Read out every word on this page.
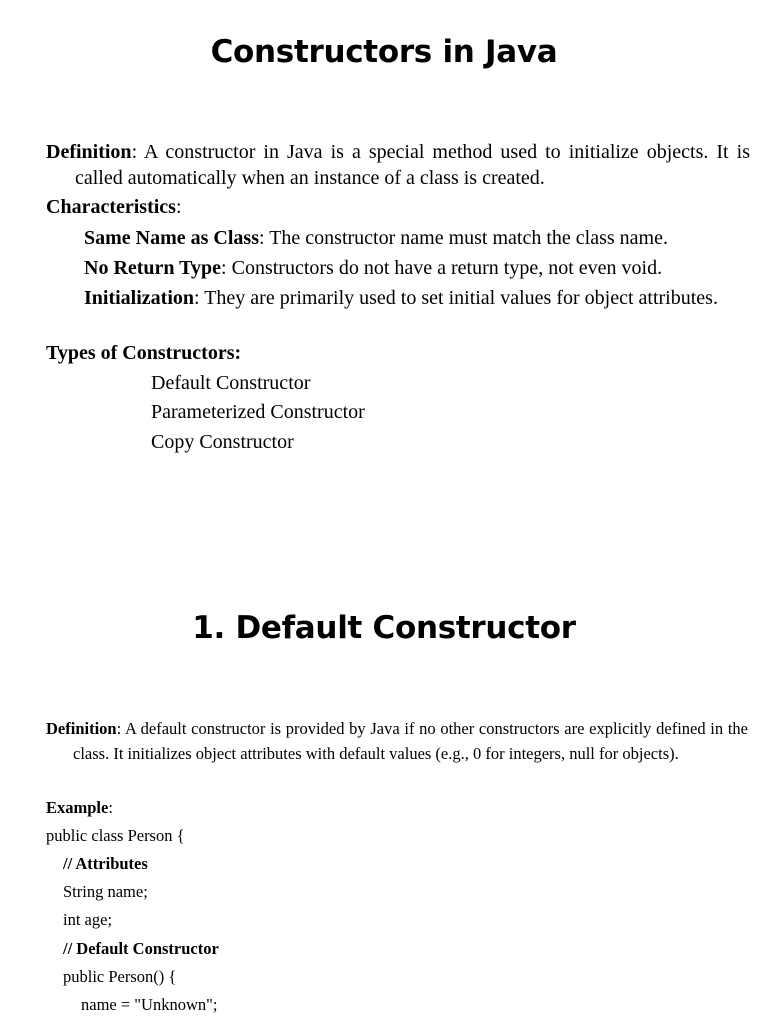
Constructors in Java

Definition: A constructor in Java is a special method used to initialize objects. It is called automatically when an instance of a class is created.

Characteristics:

Same Name as Class: The constructor name must match the class name.

No Return Type: Constructors do not have a return type, not even void.

Initialization: They are primarily used to set initial values for object attributes.

Types of Constructors:

Default Constructor

Parameterized Constructor

Copy Constructor

1. Default Constructor

Definition: A default constructor is provided by Java if no other constructors are explicitly defined in the class. It initializes object attributes with default values (e.g., 0 for integers, null for objects).

Example:

public class Person {

// Attributes

String name;

int age;

// Default Constructor

public Person() {

name = "Unknown";
